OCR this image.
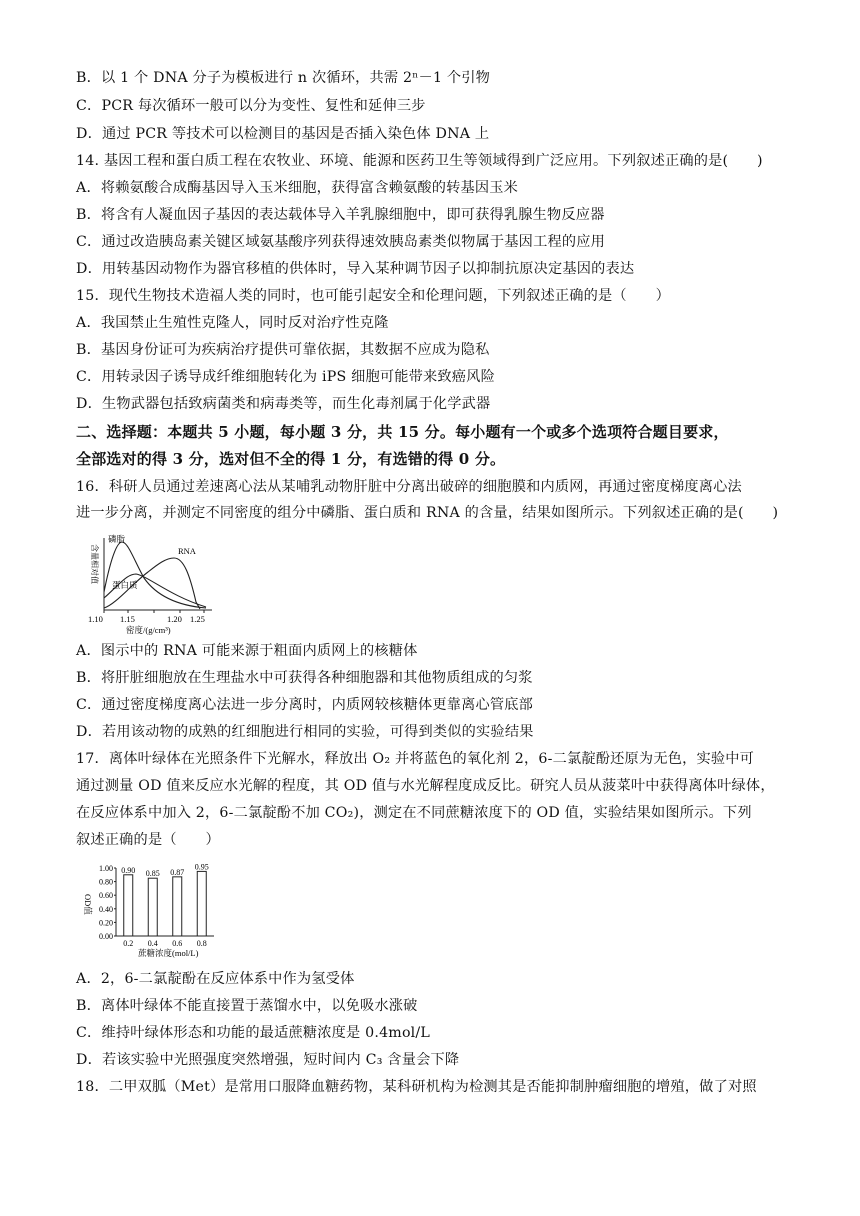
B．以 1 个 DNA 分子为模板进行 n 次循环，共需 2ⁿ－1 个引物
C．PCR 每次循环一般可以分为变性、复性和延伸三步
D．通过 PCR 等技术可以检测目的基因是否插入染色体 DNA 上
14. 基因工程和蛋白质工程在农牧业、环境、能源和医药卫生等领域得到广泛应用。下列叙述正确的是(　　)
A．将赖氨酸合成酶基因导入玉米细胞，获得富含赖氨酸的转基因玉米
B．将含有人凝血因子基因的表达载体导入羊乳腺细胞中，即可获得乳腺生物反应器
C．通过改造胰岛素关键区域氨基酸序列获得速效胰岛素类似物属于基因工程的应用
D．用转基因动物作为器官移植的供体时，导入某种调节因子以抑制抗原决定基因的表达
15．现代生物技术造福人类的同时，也可能引起安全和伦理问题，下列叙述正确的是（　　）
A．我国禁止生殖性克隆人，同时反对治疗性克隆
B．基因身份证可为疾病治疗提供可靠依据，其数据不应成为隐私
C．用转录因子诱导成纤维细胞转化为 iPS 细胞可能带来致癌风险
D．生物武器包括致病菌类和病毒类等，而生化毒剂属于化学武器
二、选择题：本题共 5 小题，每小题 3 分，共 15 分。每小题有一个或多个选项符合题目要求，
全部选对的得 3 分，选对但不全的得 1 分，有选错的得 0 分。
16．科研人员通过差速离心法从某哺乳动物肝脏中分离出破碎的细胞膜和内质网，再通过密度梯度离心法
进一步分离，并测定不同密度的组分中磷脂、蛋白质和 RNA 的含量，结果如图所示。下列叙述正确的是(　　)
含量相对值
磷脂
RNA
蛋白质
1.10 1.15	1.20 1.25
密度/(g/cm³)
A．图示中的 RNA 可能来源于粗面内质网上的核糖体
B．将肝脏细胞放在生理盐水中可获得各种细胞器和其他物质组成的匀浆
C．通过密度梯度离心法进一步分离时，内质网较核糖体更靠离心管底部
D．若用该动物的成熟的红细胞进行相同的实验，可得到类似的实验结果
17．离体叶绿体在光照条件下光解水，释放出 O₂ 并将蓝色的氧化剂 2，6-二氯靛酚还原为无色，实验中可
通过测量 OD 值来反应水光解的程度，其 OD 值与水光解程度成反比。研究人员从菠菜叶中获得离体叶绿体，
在反应体系中加入 2，6-二氯靛酚不加 CO₂)，测定在不同蔗糖浓度下的 OD 值，实验结果如图所示。下列
叙述正确的是（　　）
OD值
1.00
0.80
0.60
0.40
0.20
0.00
0.90
0.2
0.85
0.4
0.87
0.6
0.95
0.8
蔗糖浓度(mol/L)
A．2，6-二氯靛酚在反应体系中作为氢受体
B．离体叶绿体不能直接置于蒸馏水中，以免吸水涨破
C．维持叶绿体形态和功能的最适蔗糖浓度是 0.4mol/L
D．若该实验中光照强度突然增强，短时间内 C₃ 含量会下降
18．二甲双胍（Met）是常用口服降血糖药物，某科研机构为检测其是否能抑制肿瘤细胞的增殖，做了对照
